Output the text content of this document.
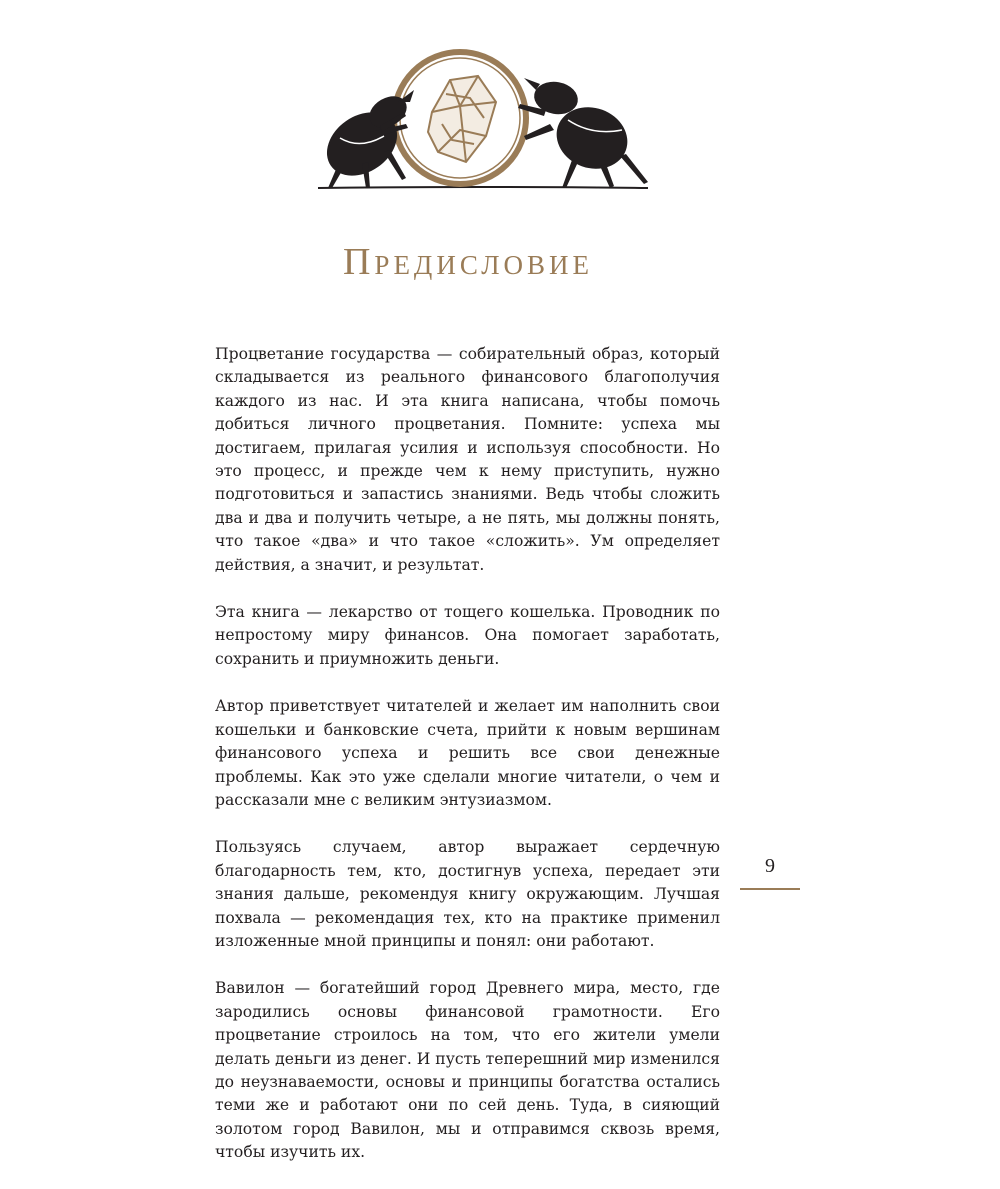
Предисловие

Процветание государства — собирательный образ, который складывается из реального финансового благополучия каждого из нас. И эта книга написана, чтобы помочь добиться личного процветания. Помните: успеха мы достигаем, прилагая усилия и используя способности. Но это процесс, и прежде чем к нему приступить, нужно подготовиться и запастись знаниями. Ведь чтобы сложить два и два и получить четыре, а не пять, мы должны понять, что такое «два» и что такое «сложить». Ум определяет действия, а значит, и результат.

Эта книга — лекарство от тощего кошелька. Проводник по непростому миру финансов. Она помогает заработать, сохранить и приумножить деньги.

Автор приветствует читателей и желает им наполнить свои кошельки и банковские счета, прийти к новым вершинам финансового успеха и решить все свои денежные проблемы. Как это уже сделали многие читатели, о чем и рассказали мне с великим энтузиазмом.

Пользуясь случаем, автор выражает сердечную благодарность тем, кто, достигнув успеха, передает эти знания дальше, рекомендуя книгу окружающим. Лучшая похвала — рекомендация тех, кто на практике применил изложенные мной принципы и понял: они работают.

Вавилон — богатейший город Древнего мира, место, где зародились основы финансовой грамотности. Его процветание строилось на том, что его жители умели делать деньги из денег. И пусть теперешний мир изменился до неузнаваемости, основы и принципы богатства остались теми же и работают они по сей день. Туда, в сияющий золотом город Вавилон, мы и отправимся сквозь время, чтобы изучить их.

9
